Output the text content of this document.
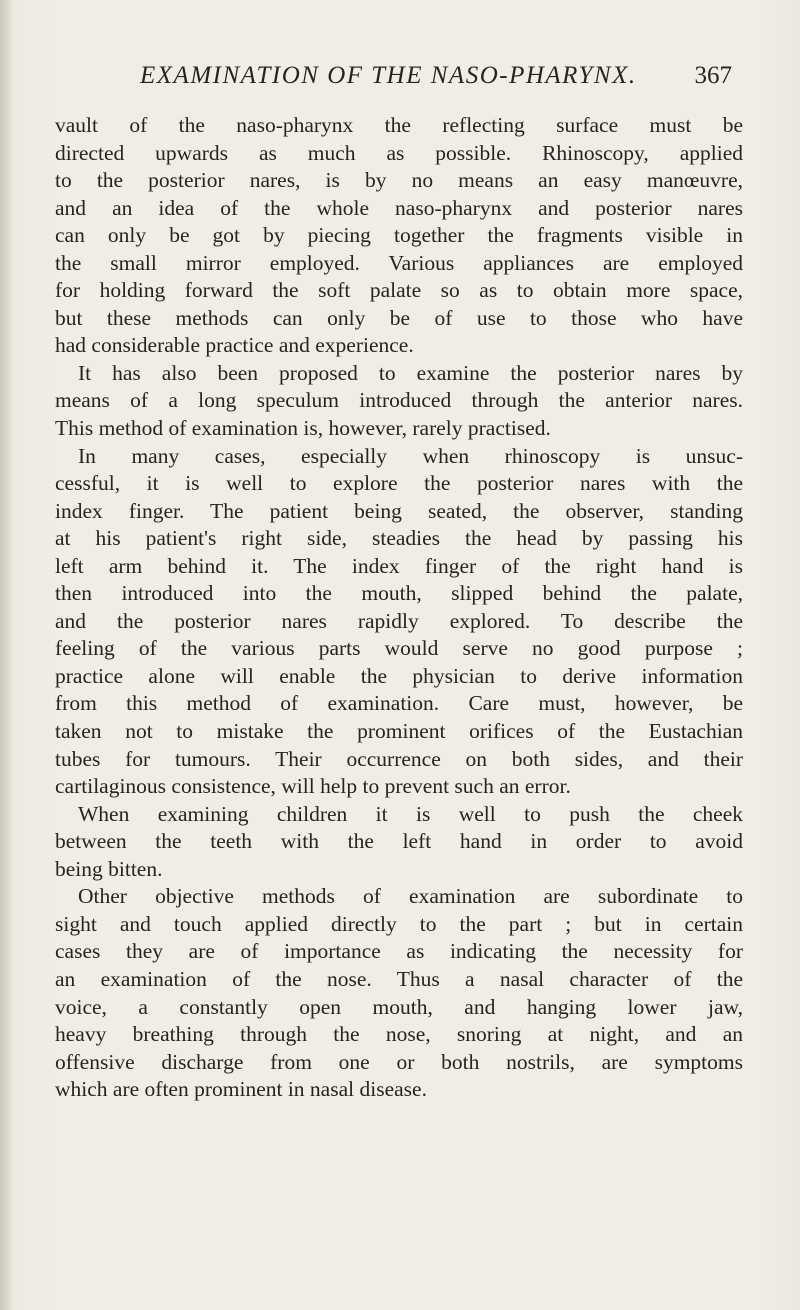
EXAMINATION OF THE NASO-PHARYNX. 367
vault of the naso-pharynx the reflecting surface must be
directed upwards as much as possible. Rhinoscopy, applied
to the posterior nares, is by no means an easy manœuvre,
and an idea of the whole naso-pharynx and posterior nares
can only be got by piecing together the fragments visible in
the small mirror employed. Various appliances are employed
for holding forward the soft palate so as to obtain more space,
but these methods can only be of use to those who have
had considerable practice and experience.
It has also been proposed to examine the posterior nares by
means of a long speculum introduced through the anterior nares.
This method of examination is, however, rarely practised.
In many cases, especially when rhinoscopy is unsuc-
cessful, it is well to explore the posterior nares with the
index finger. The patient being seated, the observer, standing
at his patient's right side, steadies the head by passing his
left arm behind it. The index finger of the right hand is
then introduced into the mouth, slipped behind the palate,
and the posterior nares rapidly explored. To describe the
feeling of the various parts would serve no good purpose ;
practice alone will enable the physician to derive information
from this method of examination. Care must, however, be
taken not to mistake the prominent orifices of the Eustachian
tubes for tumours. Their occurrence on both sides, and their
cartilaginous consistence, will help to prevent such an error.
When examining children it is well to push the cheek
between the teeth with the left hand in order to avoid
being bitten.
Other objective methods of examination are subordinate to
sight and touch applied directly to the part ; but in certain
cases they are of importance as indicating the necessity for
an examination of the nose. Thus a nasal character of the
voice, a constantly open mouth, and hanging lower jaw,
heavy breathing through the nose, snoring at night, and an
offensive discharge from one or both nostrils, are symptoms
which are often prominent in nasal disease.
